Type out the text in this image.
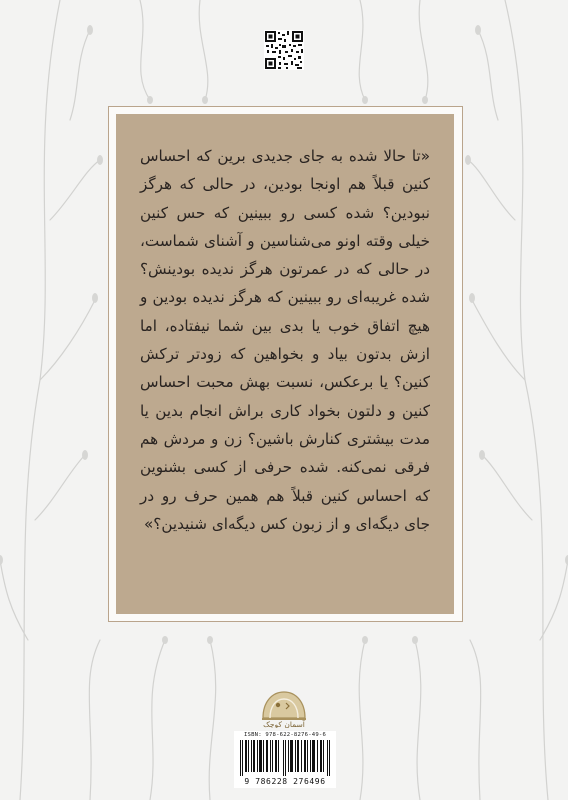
«تا حالا شده به جای جدیدی برین که احساس کنین قبلاً هم اونجا بودین، در حالی که هرگز نبودین؟ شده کسی رو ببینین که حس کنین خیلی وقته اونو می‌شناسین و آشنای شماست، در حالی که در عمرتون هرگز ندیده بودینش؟ شده غریبه‌ای رو ببینین که هرگز ندیده بودین و هیچ اتفاق خوب یا بدی بین شما نیفتاده، اما ازش بدتون بیاد و بخواهین که زودتر ترکش کنین؟ یا برعکس، نسبت بهش محبت احساس کنین و دلتون بخواد کاری براش انجام بدین یا مدت بیشتری کنارش باشین؟ زن و مردش هم فرقی نمی‌کنه. شده حرفی از کسی بشنوین که احساس کنین قبلاً هم همین حرف رو در جای دیگه‌ای و از زبون کس دیگه‌ای شنیدین؟»

آسمان کوچک
ISBN: 978-622-8276-49-6
9 786228 276496
